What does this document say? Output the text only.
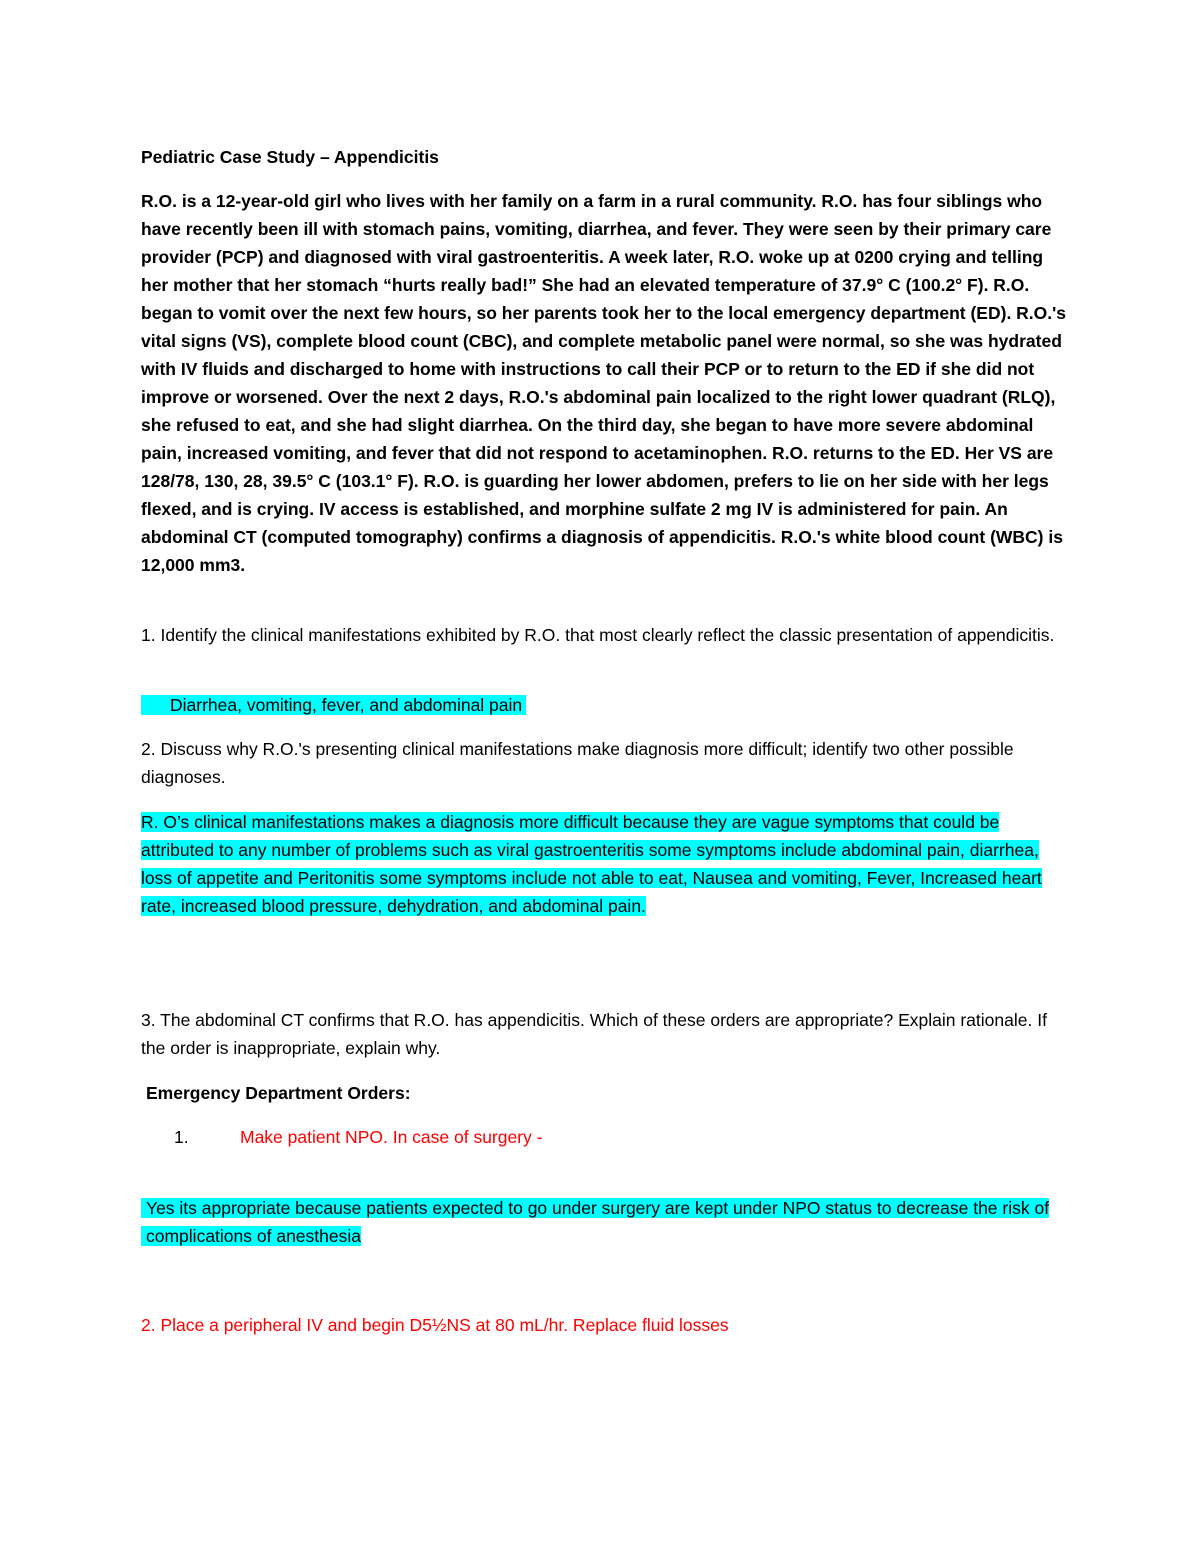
Pediatric Case Study – Appendicitis

R.O. is a 12-year-old girl who lives with her family on a farm in a rural community. R.O. has four siblings who have recently been ill with stomach pains, vomiting, diarrhea, and fever. They were seen by their primary care provider (PCP) and diagnosed with viral gastroenteritis. A week later, R.O. woke up at 0200 crying and telling her mother that her stomach “hurts really bad!” She had an elevated temperature of 37.9° C (100.2° F). R.O. began to vomit over the next few hours, so her parents took her to the local emergency department (ED). R.O.'s vital signs (VS), complete blood count (CBC), and complete metabolic panel were normal, so she was hydrated with IV fluids and discharged to home with instructions to call their PCP or to return to the ED if she did not improve or worsened. Over the next 2 days, R.O.'s abdominal pain localized to the right lower quadrant (RLQ), she refused to eat, and she had slight diarrhea. On the third day, she began to have more severe abdominal pain, increased vomiting, and fever that did not respond to acetaminophen. R.O. returns to the ED. Her VS are 128/78, 130, 28, 39.5° C (103.1° F). R.O. is guarding her lower abdomen, prefers to lie on her side with her legs flexed, and is crying. IV access is established, and morphine sulfate 2 mg IV is administered for pain. An abdominal CT (computed tomography) confirms a diagnosis of appendicitis. R.O.'s white blood count (WBC) is 12,000 mm3.

1. Identify the clinical manifestations exhibited by R.O. that most clearly reflect the classic presentation of appendicitis.

Diarrhea, vomiting, fever, and abdominal pain

2. Discuss why R.O.'s presenting clinical manifestations make diagnosis more difficult; identify two other possible diagnoses.

R. O’s clinical manifestations makes a diagnosis more difficult because they are vague symptoms that could be attributed to any number of problems such as viral gastroenteritis some symptoms include abdominal pain, diarrhea, loss of appetite and Peritonitis some symptoms include not able to eat, Nausea and vomiting, Fever, Increased heart rate, increased blood pressure, dehydration, and abdominal pain.

3. The abdominal CT confirms that R.O. has appendicitis. Which of these orders are appropriate? Explain rationale. If the order is inappropriate, explain why.

Emergency Department Orders:

1.	Make patient NPO. In case of surgery -

Yes its appropriate because patients expected to go under surgery are kept under NPO status to decrease the risk of complications of anesthesia

2. Place a peripheral IV and begin D5½NS at 80 mL/hr. Replace fluid losses
